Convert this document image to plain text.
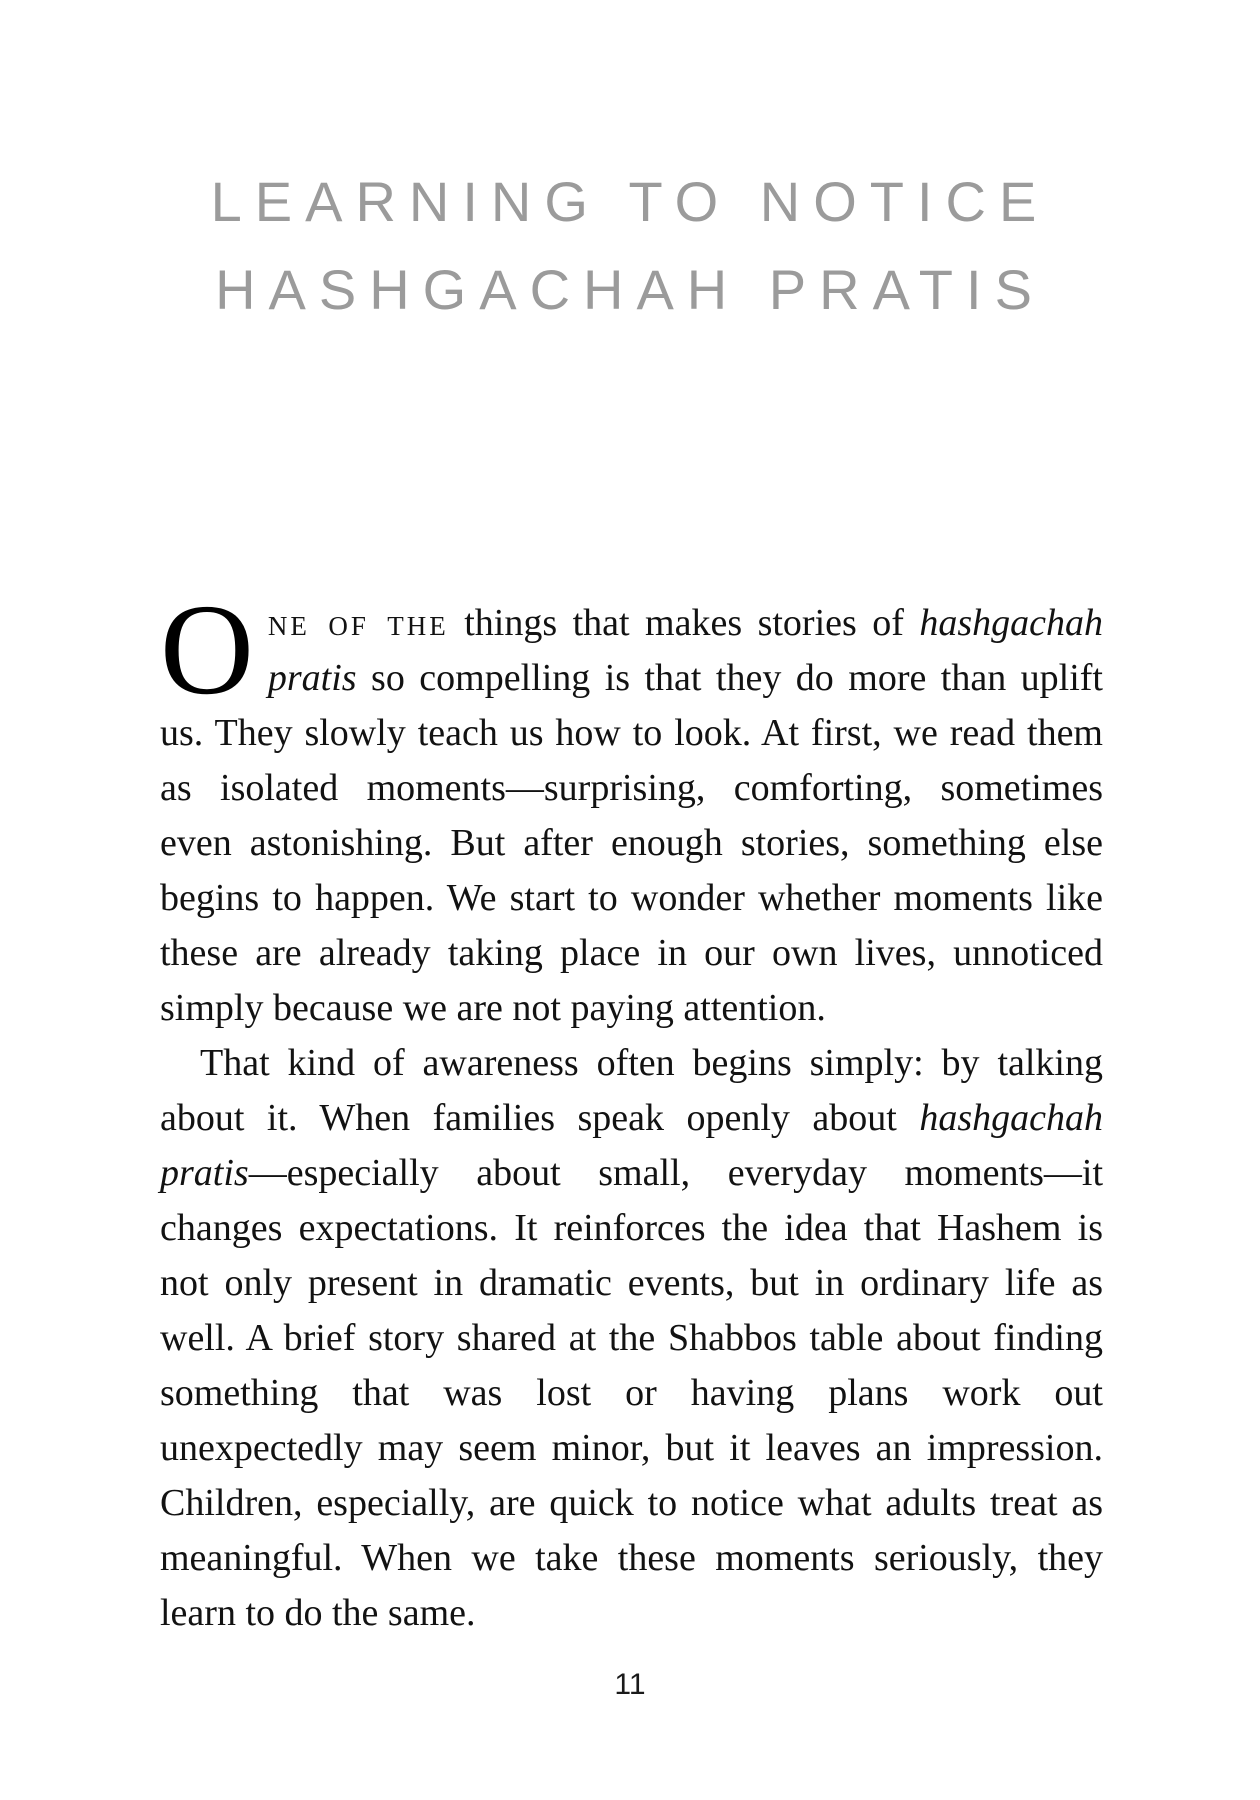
LEARNING TO NOTICE
HASHGACHAH PRATIS

One of the things that makes stories of hashgachah pratis so compelling is that they do more than uplift us. They slowly teach us how to look. At first, we read them as isolated moments—surprising, comforting, sometimes even astonishing. But after enough stories, something else begins to happen. We start to wonder whether moments like these are already taking place in our own lives, unnoticed simply because we are not paying attention.

That kind of awareness often begins simply: by talking about it. When families speak openly about hashgachah pratis—especially about small, everyday moments—it changes expectations. It reinforces the idea that Hashem is not only present in dramatic events, but in ordinary life as well. A brief story shared at the Shabbos table about finding something that was lost or having plans work out unexpectedly may seem minor, but it leaves an impression. Children, especially, are quick to notice what adults treat as meaningful. When we take these moments seriously, they learn to do the same.

11
